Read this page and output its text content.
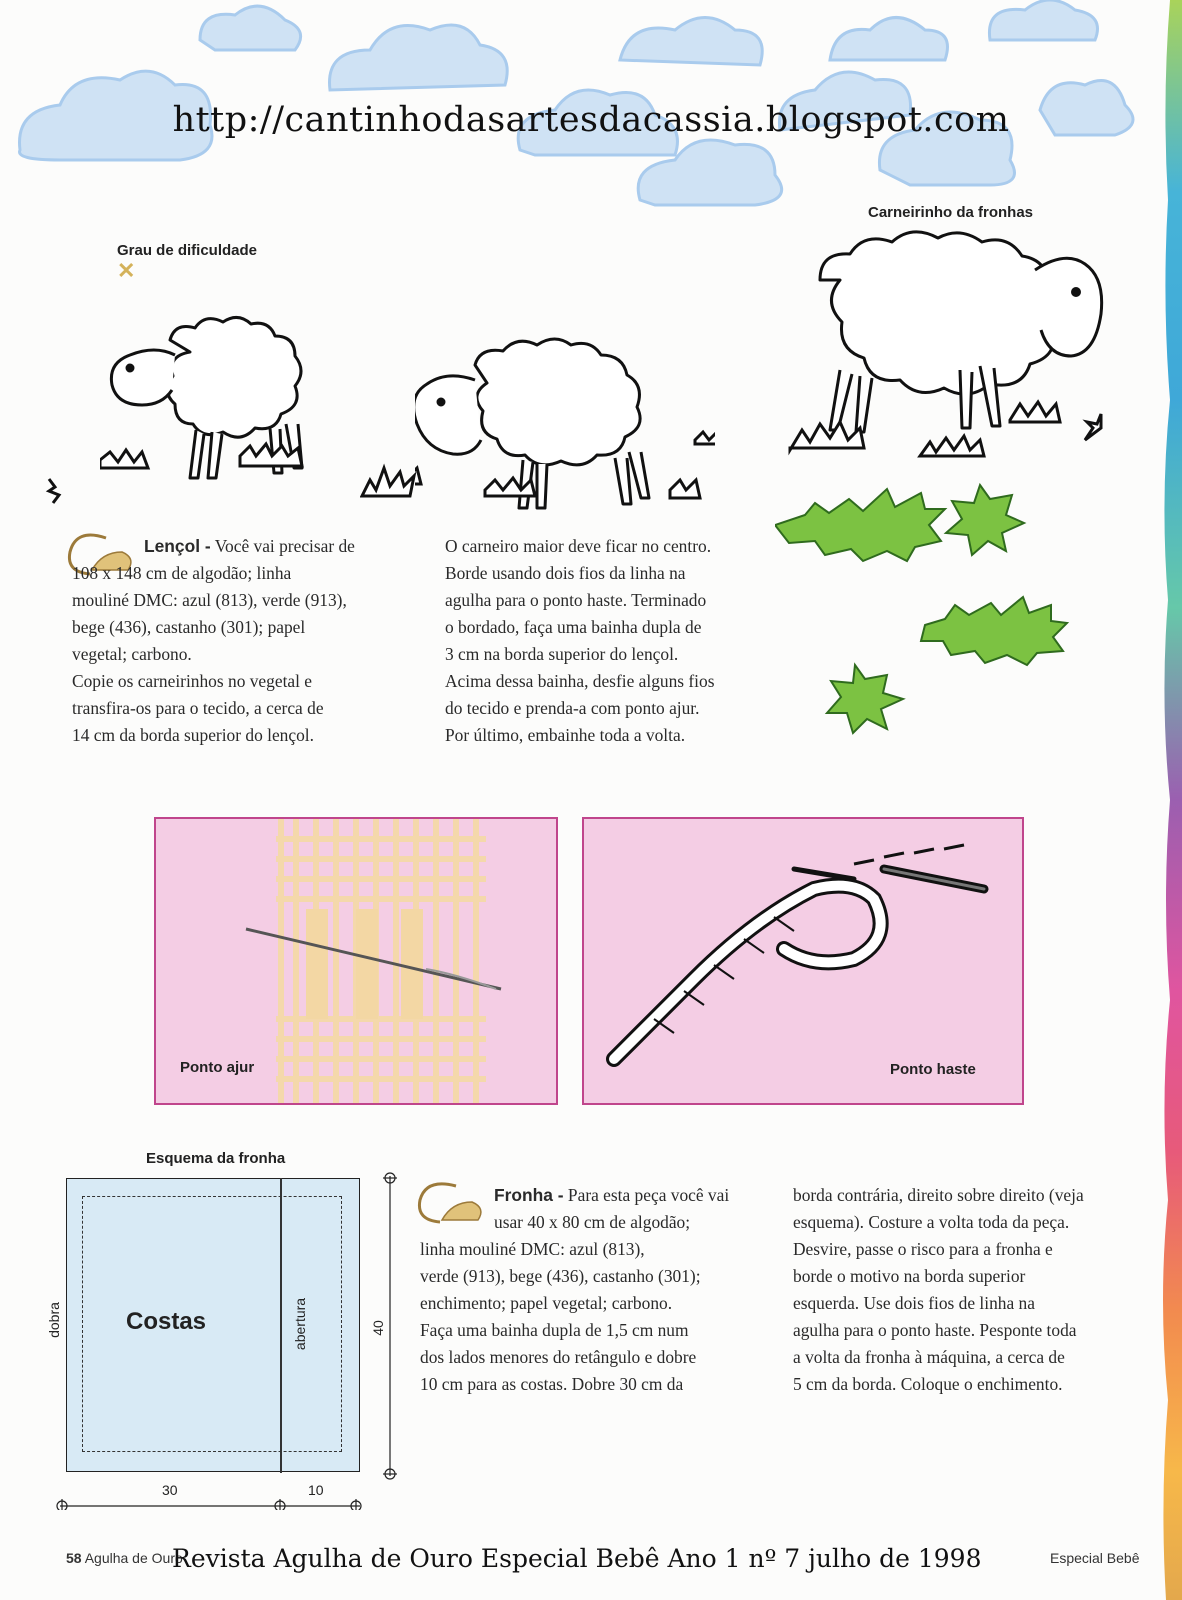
http://cantinhodasartesdacassia.blogspot.com
Grau de dificuldade
✕
Carneirinho da fronhas
Lençol - Você vai precisar de
108 x 148 cm de algodão; linha
mouliné DMC: azul (813), verde (913),
bege (436), castanho (301); papel
vegetal; carbono.
Copie os carneirinhos no vegetal e
transfira-os para o tecido, a cerca de
14 cm da borda superior do lençol.
O carneiro maior deve ficar no centro.
Borde usando dois fios da linha na
agulha para o ponto haste. Terminado
o bordado, faça uma bainha dupla de
3 cm na borda superior do lençol.
Acima dessa bainha, desfie alguns fios
do tecido e prenda-a com ponto ajur.
Por último, embainhe toda a volta.
Ponto ajur	Ponto haste
Esquema da fronha
Costas
dobra	abertura	40
30	10
Fronha - Para esta peça você vai
usar 40 x 80 cm de algodão;
linha mouliné DMC: azul (813),
verde (913), bege (436), castanho (301);
enchimento; papel vegetal; carbono.
Faça uma bainha dupla de 1,5 cm num
dos lados menores do retângulo e dobre
10 cm para as costas. Dobre 30 cm da
borda contrária, direito sobre direito (veja
esquema). Costure a volta toda da peça.
Desvire, passe o risco para a fronha e
borde o motivo na borda superior
esquerda. Use dois fios de linha na
agulha para o ponto haste. Pesponte toda
a volta da fronha à máquina, a cerca de
5 cm da borda. Coloque o enchimento.
58 Agulha de Ouro
Revista Agulha de Ouro Especial Bebê Ano 1 nº 7 julho de 1998	Especial Bebê
